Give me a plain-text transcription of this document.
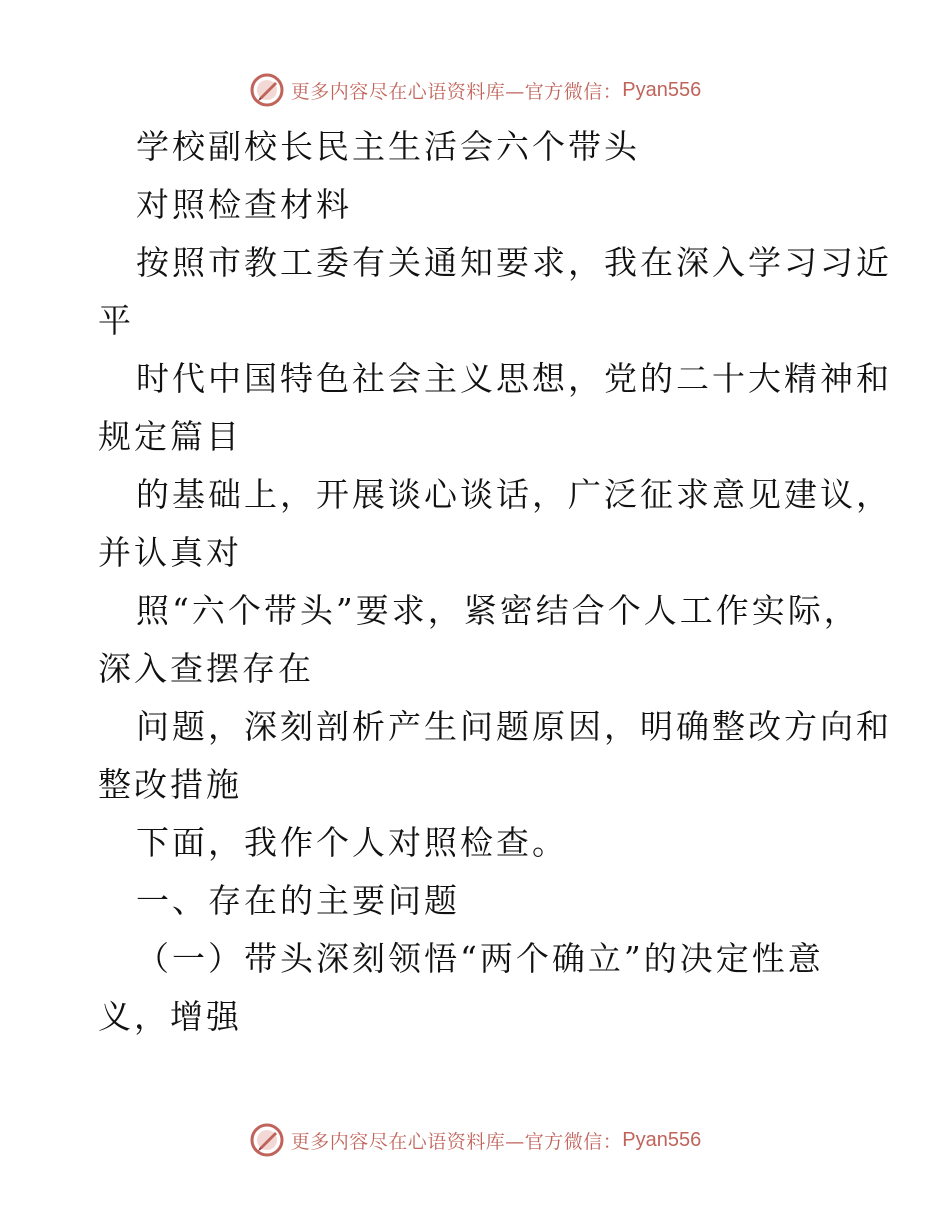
更多内容尽在心语资料库—官方微信： Pyan556
学校副校长民主生活会六个带头
对照检查材料
按照市教工委有关通知要求，我在深入学习习近
平
时代中国特色社会主义思想，党的二十大精神和
规定篇目
的基础上，开展谈心谈话，广泛征求意见建议，
并认真对
照“六个带头”要求，紧密结合个人工作实际，
深入查摆存在
问题，深刻剖析产生问题原因，明确整改方向和
整改措施
下面，我作个人对照检查。
一、存在的主要问题
（一）带头深刻领悟“两个确立”的决定性意
义，增强
更多内容尽在心语资料库—官方微信： Pyan556
